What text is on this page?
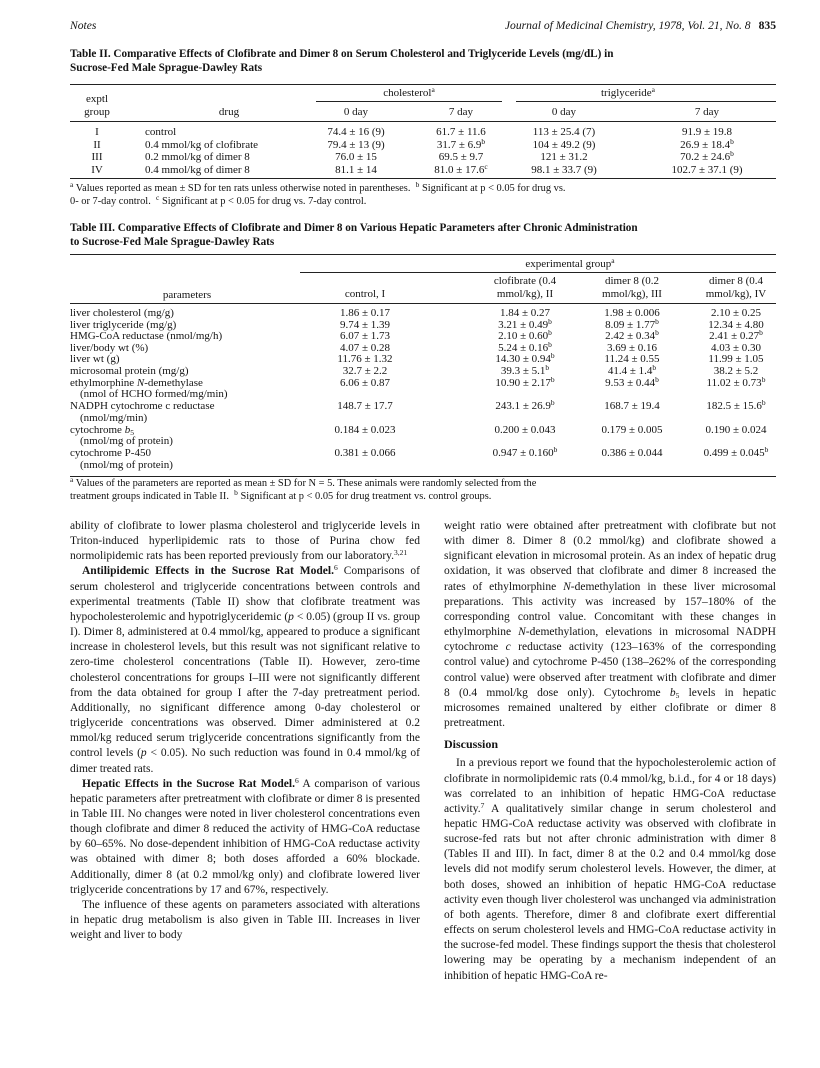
Notes	Journal of Medicinal Chemistry, 1978, Vol. 21, No. 8 835
Table II. Comparative Effects of Clofibrate and Dimer 8 on Serum Cholesterol and Triglyceride Levels (mg/dL) in
Sucrose-Fed Male Sprague-Dawley Rats
exptl
group	drug
cholesterol$^a$	triglyceride$^a$
0 day	7 day	0 day	7 day
I	control	74.4 ± 16 (9)	61.7 ± 11.6	113 ± 25.4 (7)	91.9 ± 19.8
II	0.4 mmol/kg of clofibrate	79.4 ± 13 (9)	31.7 ± 6.9$^b$	104 ± 49.2 (9)	26.9 ± 18.4$^b$
III	0.2 mmol/kg of dimer 8	76.0 ± 15	69.5 ± 9.7	121 ± 31.2	70.2 ± 24.6$^b$
IV	0.4 mmol/kg of dimer 8	81.1 ± 14	81.0 ± 17.6$^c$	98.1 ± 33.7 (9)	102.7 ± 37.1 (9)
$^a$ Values reported as mean ± SD for ten rats unless otherwise noted in parentheses. $^b$ Significant at p < 0.05 for drug vs.
0- or 7-day control. $^c$ Significant at p < 0.05 for drug vs. 7-day control.
Table III. Comparative Effects of Clofibrate and Dimer 8 on Various Hepatic Parameters after Chronic Administration
to Sucrose-Fed Male Sprague-Dawley Rats
experimental group$^a$
parameters	control, I
clofibrate (0.4
mmol/kg), II
dimer 8 (0.2
mmol/kg), III
dimer 8 (0.4
mmol/kg), IV
liver cholesterol (mg/g)	1.86 ± 0.17	1.84 ± 0.27	1.98 ± 0.006	2.10 ± 0.25
liver triglyceride (mg/g)	9.74 ± 1.39	3.21 ± 0.49$^b$	8.09 ± 1.77$^b$	12.34 ± 4.80
HMG-CoA reductase (nmol/mg/h)	6.07 ± 1.73	2.10 ± 0.60$^b$	2.42 ± 0.34$^b$	2.41 ± 0.27$^b$
liver/body wt (%)	4.07 ± 0.28	5.24 ± 0.16$^b$	3.69 ± 0.16	4.03 ± 0.30
liver wt (g)	11.76 ± 1.32	14.30 ± 0.94$^b$	11.24 ± 0.55	11.99 ± 1.05
microsomal protein (mg/g)	32.7 ± 2.2	39.3 ± 5.1$^b$	41.4 ± 1.4$^b$	38.2 ± 5.2
ethylmorphine N-demethylase
(nmol of HCHO formed/mg/min)
6.06 ± 0.87	10.90 ± 2.17$^b$	9.53 ± 0.44$^b$	11.02 ± 0.73$^b$
NADPH cytochrome c reductase
(nmol/mg/min)
148.7 ± 17.7	243.1 ± 26.9$^b$	168.7 ± 19.4	182.5 ± 15.6$^b$
cytochrome $b_5$
(nmol/mg of protein)
0.184 ± 0.023	0.200 ± 0.043	0.179 ± 0.005	0.190 ± 0.024
cytochrome P-450
(nmol/mg of protein)
0.381 ± 0.066	0.947 ± 0.160$^b$	0.386 ± 0.044	0.499 ± 0.045$^b$
$^a$ Values of the parameters are reported as mean ± SD for N = 5. These animals were randomly selected from the
treatment groups indicated in Table II. $^b$ Significant at p < 0.05 for drug treatment vs. control groups.

ability of clofibrate to lower plasma cholesterol and triglyceride levels in Triton-induced hyperlipidemic rats to those of Purina chow fed normolipidemic rats has been reported previously from our laboratory.$^{3,21}$

Antilipidemic Effects in the Sucrose Rat Model.$^6$ Comparisons of serum cholesterol and triglyceride concentrations between controls and experimental treatments (Table II) show that clofibrate treatment was hypocholesterolemic and hypotriglyceridemic (p < 0.05) (group II vs. group I). Dimer 8, administered at 0.4 mmol/kg, appeared to produce a significant increase in cholesterol levels, but this result was not significant relative to zero-time cholesterol concentrations (Table II). However, zero-time cholesterol concentrations for groups I–III were not significantly different from the data obtained for group I after the 7-day pretreatment period. Additionally, no significant difference among 0-day cholesterol or triglyceride concentrations was observed. Dimer administered at 0.2 mmol/kg reduced serum triglyceride concentrations significantly from the control levels (p < 0.05). No such reduction was found in 0.4 mmol/kg of dimer treated rats.

Hepatic Effects in the Sucrose Rat Model.$^6$ A comparison of various hepatic parameters after pretreatment with clofibrate or dimer 8 is presented in Table III. No changes were noted in liver cholesterol concentrations even though clofibrate and dimer 8 reduced the activity of HMG-CoA reductase by 60–65%. No dose-dependent inhibition of HMG-CoA reductase activity was obtained with dimer 8; both doses afforded a 60% blockade. Additionally, dimer 8 (at 0.2 mmol/kg only) and clofibrate lowered liver triglyceride concentrations by 17 and 67%, respectively.

The influence of these agents on parameters associated with alterations in hepatic drug metabolism is also given in Table III. Increases in liver weight and liver to body

weight ratio were obtained after pretreatment with clofibrate but not with dimer 8. Dimer 8 (0.2 mmol/kg) and clofibrate showed a significant elevation in microsomal protein. As an index of hepatic drug oxidation, it was observed that clofibrate and dimer 8 increased the rates of ethylmorphine N-demethylation in these liver microsomal preparations. This activity was increased by 157–180% of the corresponding control value. Concomitant with these changes in ethylmorphine N-demethylation, elevations in microsomal NADPH cytochrome c reductase activity (123–163% of the corresponding control value) and cytochrome P-450 (138–262% of the corresponding control value) were observed after treatment with clofibrate and dimer 8 (0.4 mmol/kg dose only). Cytochrome $b_5$ levels in hepatic microsomes remained unaltered by either clofibrate or dimer 8 pretreatment.

Discussion

In a previous report we found that the hypocholesterolemic action of clofibrate in normolipidemic rats (0.4 mmol/kg, b.i.d., for 4 or 18 days) was correlated to an inhibition of hepatic HMG-CoA reductase activity.$^7$ A qualitatively similar change in serum cholesterol and hepatic HMG-CoA reductase activity was observed with clofibrate in sucrose-fed rats but not after chronic administration with dimer 8 (Tables II and III). In fact, dimer 8 at the 0.2 and 0.4 mmol/kg dose levels did not modify serum cholesterol levels. However, the dimer, at both doses, showed an inhibition of hepatic HMG-CoA reductase activity even though liver cholesterol was unchanged via administration of both agents. Therefore, dimer 8 and clofibrate exert differential effects on serum cholesterol levels and HMG-CoA reductase activity in the sucrose-fed model. These findings support the thesis that cholesterol lowering may be operating by a mechanism independent of an inhibition of hepatic HMG-CoA re-
